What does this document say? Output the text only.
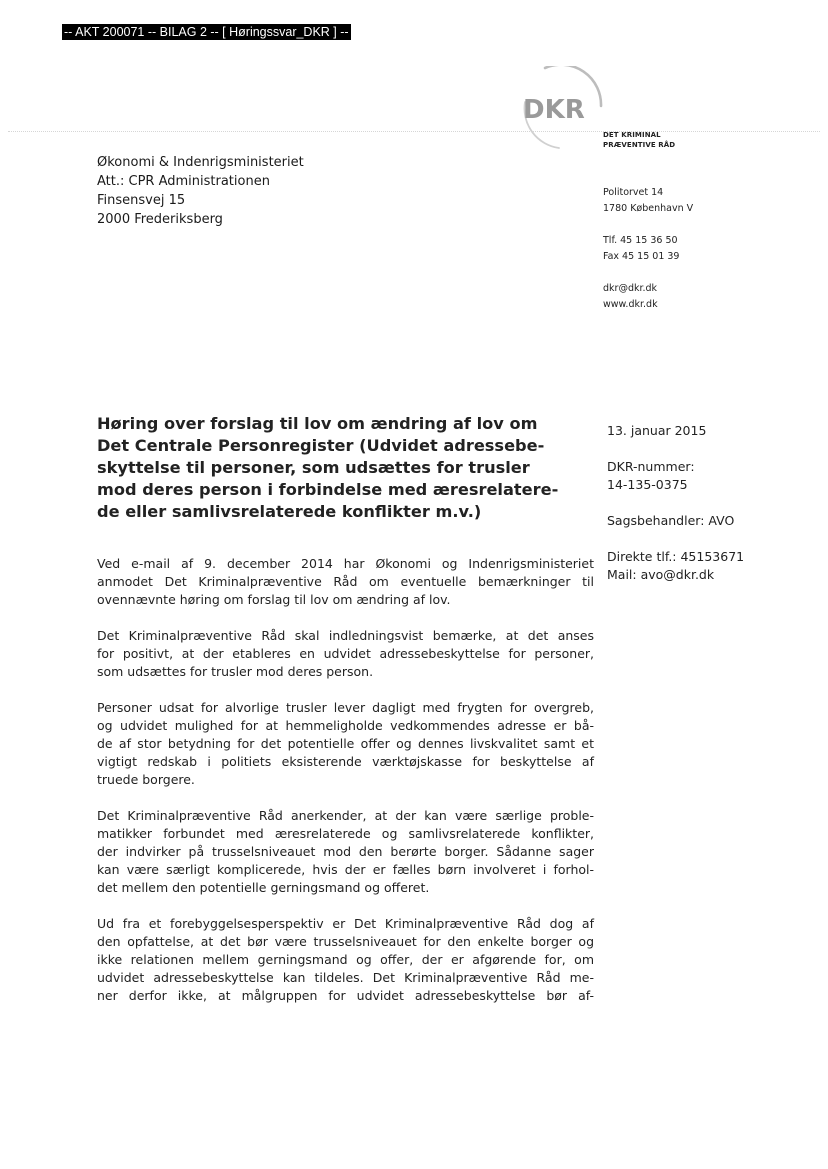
-- AKT 200071 -- BILAG 2 -- [ Høringssvar_DKR ] --
DKR
DET KRIMINAL
PRÆVENTIVE RÅD
Økonomi & Indenrigsministeriet
Att.: CPR Administrationen
Finsensvej 15
2000 Frederiksberg
Politorvet 14
1780 København V
Tlf. 45 15 36 50
Fax 45 15 01 39
dkr@dkr.dk
www.dkr.dk
Høring over forslag til lov om ændring af lov om
Det Centrale Personregister (Udvidet adressebe-
skyttelse til personer, som udsættes for trusler
mod deres person i forbindelse med æresrelatere-
de eller samlivsrelaterede konflikter m.v.)
13. januar 2015
DKR-nummer:
14-135-0375
Sagsbehandler: AVO
Direkte tlf.: 45153671
Mail: avo@dkr.dk

Ved e-mail af 9. december 2014 har Økonomi og Indenrigsministeriet
anmodet Det Kriminalpræventive Råd om eventuelle bemærkninger til
ovennævnte høring om forslag til lov om ændring af lov.

Det Kriminalpræventive Råd skal indledningsvist bemærke, at det anses
for positivt, at der etableres en udvidet adressebeskyttelse for personer,
som udsættes for trusler mod deres person.

Personer udsat for alvorlige trusler lever dagligt med frygten for overgreb,
og udvidet mulighed for at hemmeligholde vedkommendes adresse er bå-
de af stor betydning for det potentielle offer og dennes livskvalitet samt et
vigtigt redskab i politiets eksisterende værktøjskasse for beskyttelse af
truede borgere.

Det Kriminalpræventive Råd anerkender, at der kan være særlige proble-
matikker forbundet med æresrelaterede og samlivsrelaterede konflikter,
der indvirker på trusselsniveauet mod den berørte borger. Sådanne sager
kan være særligt komplicerede, hvis der er fælles børn involveret i forhol-
det mellem den potentielle gerningsmand og offeret.

Ud fra et forebyggelsesperspektiv er Det Kriminalpræventive Råd dog af
den opfattelse, at det bør være trusselsniveauet for den enkelte borger og
ikke relationen mellem gerningsmand og offer, der er afgørende for, om
udvidet adressebeskyttelse kan tildeles. Det Kriminalpræventive Råd me-
ner derfor ikke, at målgruppen for udvidet adressebeskyttelse bør af-
